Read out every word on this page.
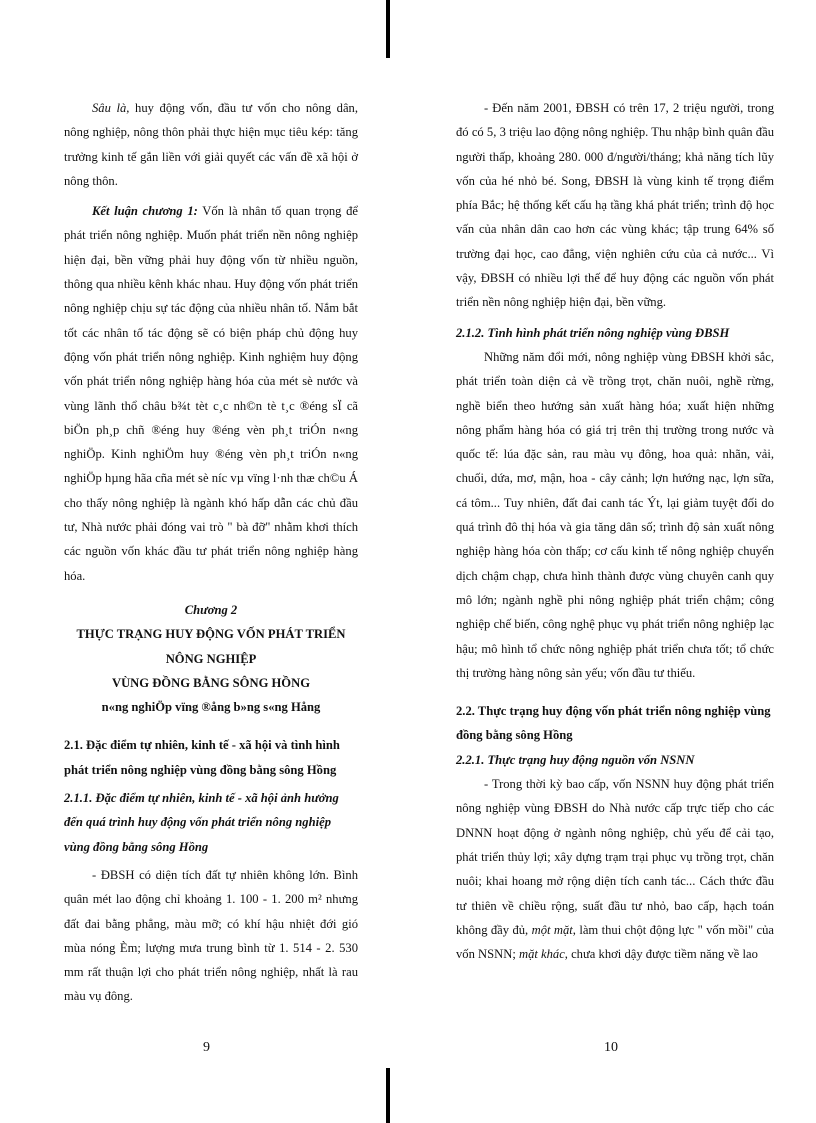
Sâu là, huy động vốn, đầu tư vốn cho nông dân, nông nghiệp, nông thôn phải thực hiện mục tiêu kép: tăng trưởng kinh tế gắn liền với giải quyết các vấn đề xã hội ở nông thôn.

Kết luận chương 1: Vốn là nhân tố quan trọng để phát triển nông nghiệp. Muốn phát triển nền nông nghiệp hiện đại, bền vững phải huy động vốn từ nhiều nguồn, thông qua nhiều kênh khác nhau. Huy động vốn phát triển nông nghiệp chịu sự tác động của nhiều nhân tố. Nắm bắt tốt các nhân tố tác động sẽ có biện pháp chủ động huy động vốn phát triển nông nghiệp. Kinh nghiệm huy động vốn phát triển nông nghiệp hàng hóa của mét sè nước và vùng lãnh thổ châu b¾t tèt c¸c nh©n tè t¸c ®éng sÏ cã biÖn ph¸p chñ ®éng huy ®éng vèn ph¸t triÓn n«ng nghiÖp. Kinh nghiÖm huy ®éng vèn ph¸t triÓn n«ng nghiÖp hµng hãa cña mét sè níc vµ vïng l·nh thæ ch©u Á cho thấy nông nghiệp là ngành khó hấp dẫn các chủ đầu tư, Nhà nước phải đóng vai trò " bà đỡ" nhằm khơi thích các nguồn vốn khác đầu tư phát triển nông nghiệp hàng hóa.

Chương 2

THỰC TRẠNG HUY ĐỘNG VỐN PHÁT TRIỂN NÔNG NGHIỆP

VÙNG ĐỒNG BẰNG SÔNG HỒNG

n«ng nghiÖp vïng ®ång b»ng s«ng Hång

2.1. Đặc điểm tự nhiên, kinh tế - xã hội và tình hình phát triển nông nghiệp vùng đồng bằng sông Hồng

2.1.1. Đặc điểm tự nhiên, kinh tế - xã hội ảnh hưởng đến quá trình huy động vốn phát triển nông nghiệp vùng đồng bằng sông Hồng

- ĐBSH có diện tích đất tự nhiên không lớn. Bình quân mét lao động chỉ khoảng 1. 100 - 1. 200 m² nhưng đất đai bằng phẳng, màu mỡ; có khí hậu nhiệt đới gió mùa nóng Èm; lượng mưa trung bình từ 1. 514 - 2. 530 mm rất thuận lợi cho phát triển nông nghiệp, nhất là rau màu vụ đông.

- Đến năm 2001, ĐBSH có trên 17, 2 triệu người, trong đó có 5, 3 triệu lao động nông nghiệp. Thu nhập bình quân đầu người thấp, khoảng 280. 000 đ/người/tháng; khả năng tích lũy vốn của hé nhỏ bé. Song, ĐBSH là vùng kinh tế trọng điểm phía Bắc; hệ thống kết cấu hạ tầng khá phát triển; trình độ học vấn của nhân dân cao hơn các vùng khác; tập trung 64% số trường đại học, cao đẳng, viện nghiên cứu của cả nước... Vì vậy, ĐBSH có nhiều lợi thế để huy động các nguồn vốn phát triển nền nông nghiệp hiện đại, bền vững.

2.1.2. Tình hình phát triển nông nghiệp vùng ĐBSH

Những năm đổi mới, nông nghiệp vùng ĐBSH khởi sắc, phát triển toàn diện cả về trồng trọt, chăn nuôi, nghề rừng, nghề biển theo hướng sản xuất hàng hóa; xuất hiện những nông phẩm hàng hóa có giá trị trên thị trường trong nước và quốc tế: lúa đặc sản, rau màu vụ đông, hoa quả: nhãn, vải, chuối, dứa, mơ, mận, hoa - cây cảnh; lợn hướng nạc, lợn sữa, cá tôm... Tuy nhiên, đất đai canh tác Ýt, lại giảm tuyệt đối do quá trình đô thị hóa và gia tăng dân số; trình độ sản xuất nông nghiệp hàng hóa còn thấp; cơ cấu kinh tế nông nghiệp chuyển dịch chậm chạp, chưa hình thành được vùng chuyên canh quy mô lớn; ngành nghề phi nông nghiệp phát triển chậm; công nghiệp chế biến, công nghệ phục vụ phát triển nông nghiệp lạc hậu; mô hình tổ chức nông nghiệp phát triển chưa tốt; tổ chức thị trường hàng nông sản yếu; vốn đầu tư thiếu.

2.2. Thực trạng huy động vốn phát triển nông nghiệp vùng đồng bằng sông Hồng

2.2.1. Thực trạng huy động nguồn vốn NSNN

- Trong thời kỳ bao cấp, vốn NSNN huy động phát triển nông nghiệp vùng ĐBSH do Nhà nước cấp trực tiếp cho các DNNN hoạt động ở ngành nông nghiệp, chủ yếu để cải tạo, phát triển thủy lợi; xây dựng trạm trại phục vụ trồng trọt, chăn nuôi; khai hoang mở rộng diện tích canh tác... Cách thức đầu tư thiên về chiều rộng, suất đầu tư nhỏ, bao cấp, hạch toán không đầy đủ, một mặt, làm thui chột động lực " vốn mồi" của vốn NSNN; mặt khác, chưa khơi dậy được tiềm năng về lao

9	10
